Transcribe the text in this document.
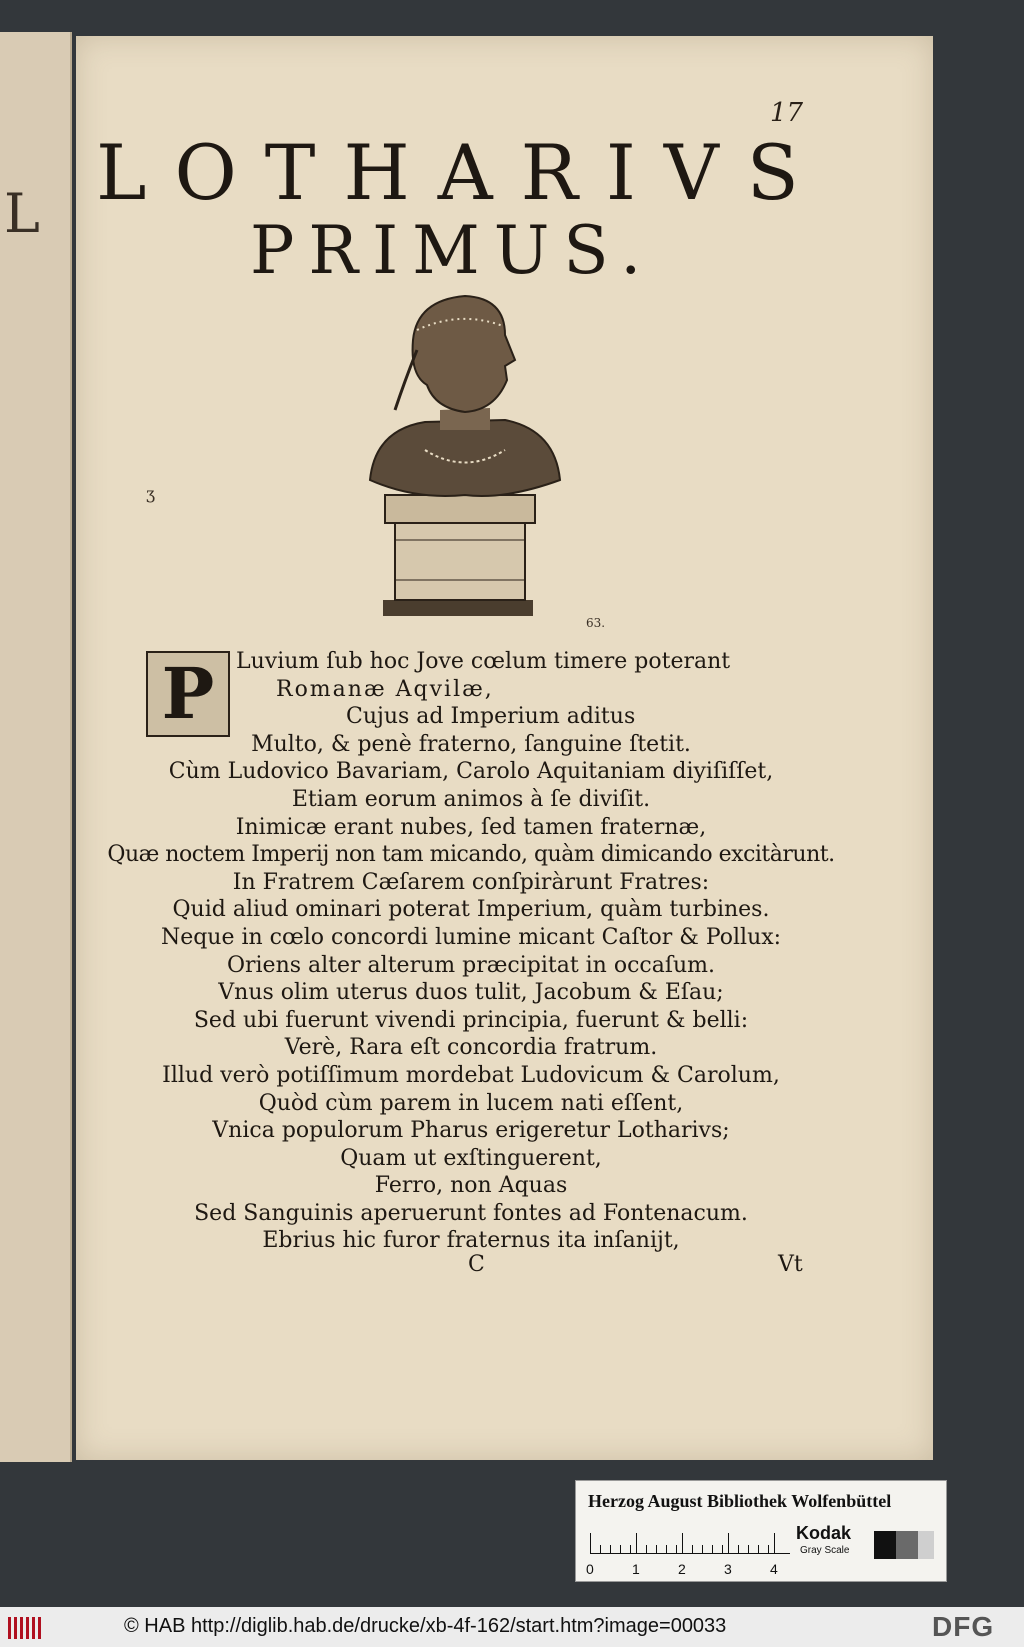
L
17
LOTHARIVS
PRIMUS.
63.
ʒ
P Luvium ſub hoc Jove cœlum timere poterant
Romanæ Aqvilæ,
Cujus ad Imperium aditus
Multo, & penè fraterno, ſanguine ſtetit.
Cùm Ludovico Bavariam, Carolo Aquitaniam diyiſiſſet,
Etiam eorum animos à ſe diviſit.
Inimicæ erant nubes, ſed tamen fraternæ,
Quæ noctem Imperij non tam micando, quàm dimicando excitàrunt.
In Fratrem Cæſarem conſpiràrunt Fratres:
Quid aliud ominari poterat Imperium, quàm turbines.
Neque in cœlo concordi lumine micant Caſtor & Pollux:
Oriens alter alterum præcipitat in occaſum.
Vnus olim uterus duos tulit, Jacobum & Eſau;
Sed ubi fuerunt vivendi principia, fuerunt & belli:
Verè, Rara eſt concordia fratrum.
Illud verò potiſſimum mordebat Ludovicum & Carolum,
Quòd cùm parem in lucem nati eſſent,
Vnica populorum Pharus erigeretur Lotharivs;
Quam ut exſtinguerent,
Ferro, non Aquas
Sed Sanguinis aperuerunt fontes ad Fontenacum.
Ebrius hic furor fraternus ita inſanijt,
C	Vt
Herzog August Bibliothek Wolfenbüttel
0	1	2	3	4
Kodak
Gray Scale
© HAB http://diglib.hab.de/drucke/xb-4f-162/start.htm?image=00033	DFG
